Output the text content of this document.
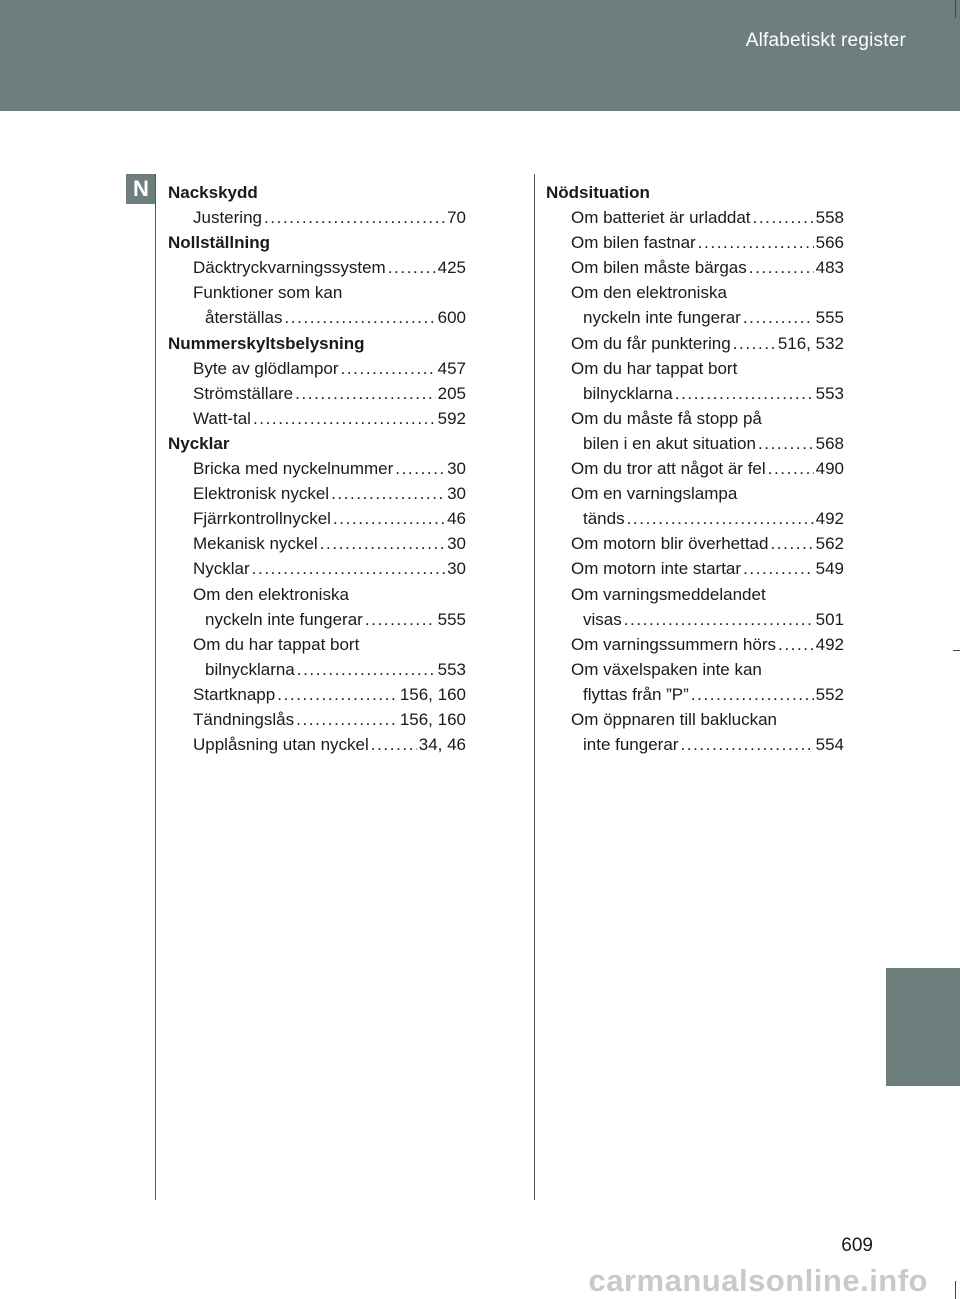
Alfabetiskt register
N	Nackskydd
Justering .....	70
Nollställning
Däcktryckvarningssystem .....	425
Funktioner som kan
återställas .....	600
Nummerskyltsbelysning
Byte av glödlampor .....	457
Strömställare .....	205
Watt-tal .....	592
Nycklar
Bricka med nyckelnummer .....	30
Elektronisk nyckel .....	30
Fjärrkontrollnyckel .....	46
Mekanisk nyckel .....	30
Nycklar .....	30
Om den elektroniska
nyckeln inte fungerar .....	555
Om du har tappat bort
bilnycklarna .....	553
Startknapp .....	156, 160
Tändningslås .....	156, 160
Upplåsning utan nyckel .....	34, 46
Nödsituation
Om batteriet är urladdat .....	558
Om bilen fastnar .....	566
Om bilen måste bärgas .....	483
Om den elektroniska
nyckeln inte fungerar .....	555
Om du får punktering .....	516, 532
Om du har tappat bort
bilnycklarna .....	553
Om du måste få stopp på
bilen i en akut situation .....	568
Om du tror att något är fel .....	490
Om en varningslampa
tänds .....	492
Om motorn blir överhettad .....	562
Om motorn inte startar .....	549
Om varningsmeddelandet
visas .....	501
Om varningssummern hörs ..... 492
Om växelspaken inte kan
flyttas från ”P” .....	552
Om öppnaren till bakluckan
inte fungerar .....	554
609
carmanualsonline.info
